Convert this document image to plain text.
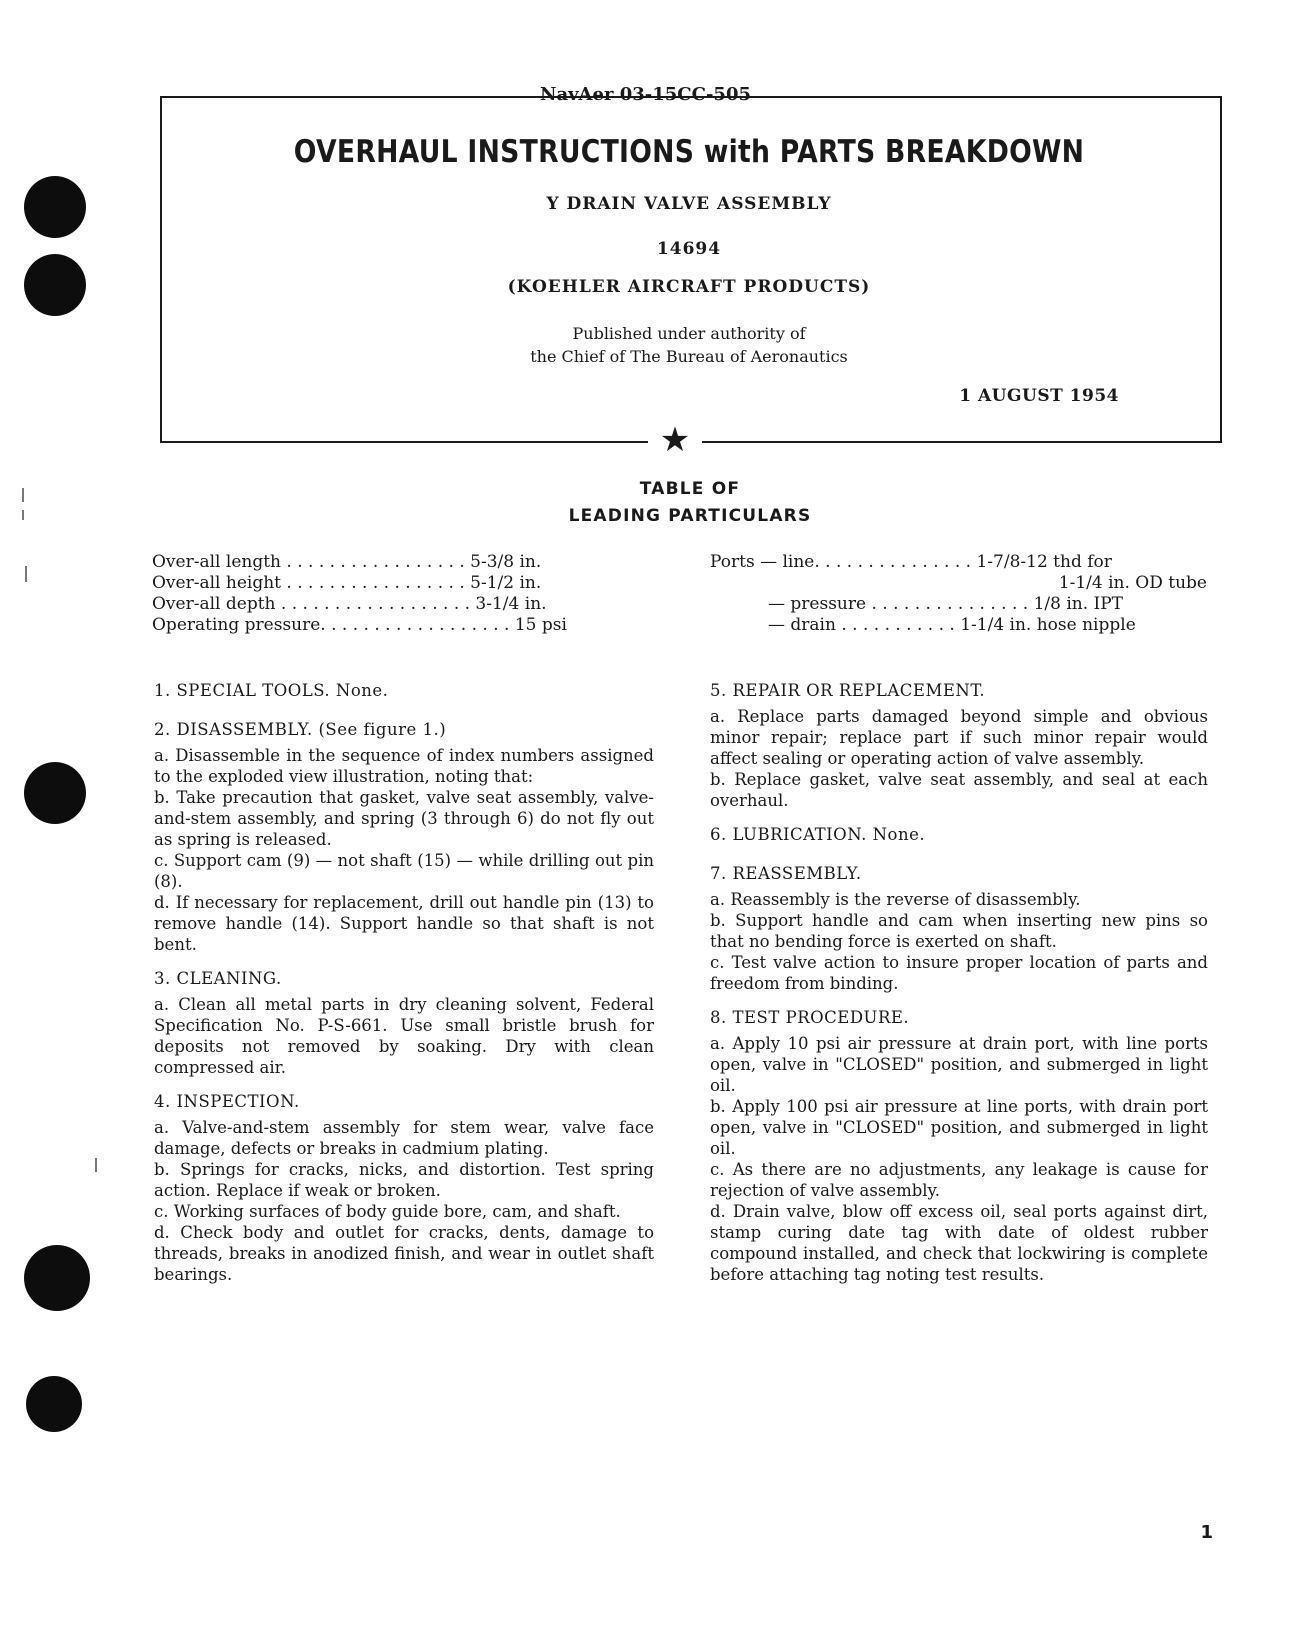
NavAer 03-15CC-505
★
OVERHAUL INSTRUCTIONS with PARTS BREAKDOWN
Y DRAIN VALVE ASSEMBLY
14694
(KOEHLER AIRCRAFT PRODUCTS)
Published under authority of
the Chief of The Bureau of Aeronautics
1 AUGUST 1954
TABLE OF
LEADING PARTICULARS
Over-all length . . . . . . . . . . . . . . . . . 5-3/8 in.
Over-all height . . . . . . . . . . . . . . . . . 5-1/2 in.
Over-all depth . . . . . . . . . . . . . . . . . . 3-1/4 in.
Operating pressure. . . . . . . . . . . . . . . . . . 15 psi
Ports — line. . . . . . . . . . . . . . . 1-7/8-12 thd for
1-1/4 in. OD tube
— pressure . . . . . . . . . . . . . . . 1/8 in. IPT
— drain . . . . . . . . . . . 1-1/4 in. hose nipple
1. SPECIAL TOOLS. None.
2. DISASSEMBLY. (See figure 1.)

a. Disassemble in the sequence of index numbers assigned to the exploded view illustration, noting that:

b. Take precaution that gasket, valve seat assembly, valve-and-stem assembly, and spring (3 through 6) do not fly out as spring is released.

c. Support cam (9) — not shaft (15) — while drilling out pin (8).

d. If necessary for replacement, drill out handle pin (13) to remove handle (14). Support handle so that shaft is not bent.

3. CLEANING.

a. Clean all metal parts in dry cleaning solvent, Federal Specification No. P-S-661. Use small bristle brush for deposits not removed by soaking. Dry with clean compressed air.

4. INSPECTION.

a. Valve-and-stem assembly for stem wear, valve face damage, defects or breaks in cadmium plating.

b. Springs for cracks, nicks, and distortion. Test spring action. Replace if weak or broken.

c. Working surfaces of body guide bore, cam, and shaft.

d. Check body and outlet for cracks, dents, damage to threads, breaks in anodized finish, and wear in outlet shaft bearings.

5. REPAIR OR REPLACEMENT.

a. Replace parts damaged beyond simple and obvious minor repair; replace part if such minor repair would affect sealing or operating action of valve assembly.

b. Replace gasket, valve seat assembly, and seal at each overhaul.

6. LUBRICATION. None.
7. REASSEMBLY.

a. Reassembly is the reverse of disassembly.

b. Support handle and cam when inserting new pins so that no bending force is exerted on shaft.

c. Test valve action to insure proper location of parts and freedom from binding.

8. TEST PROCEDURE.

a. Apply 10 psi air pressure at drain port, with line ports open, valve in "CLOSED" position, and submerged in light oil.

b. Apply 100 psi air pressure at line ports, with drain port open, valve in "CLOSED" position, and submerged in light oil.

c. As there are no adjustments, any leakage is cause for rejection of valve assembly.

d. Drain valve, blow off excess oil, seal ports against dirt, stamp curing date tag with date of oldest rubber compound installed, and check that lockwiring is complete before attaching tag noting test results.

1
